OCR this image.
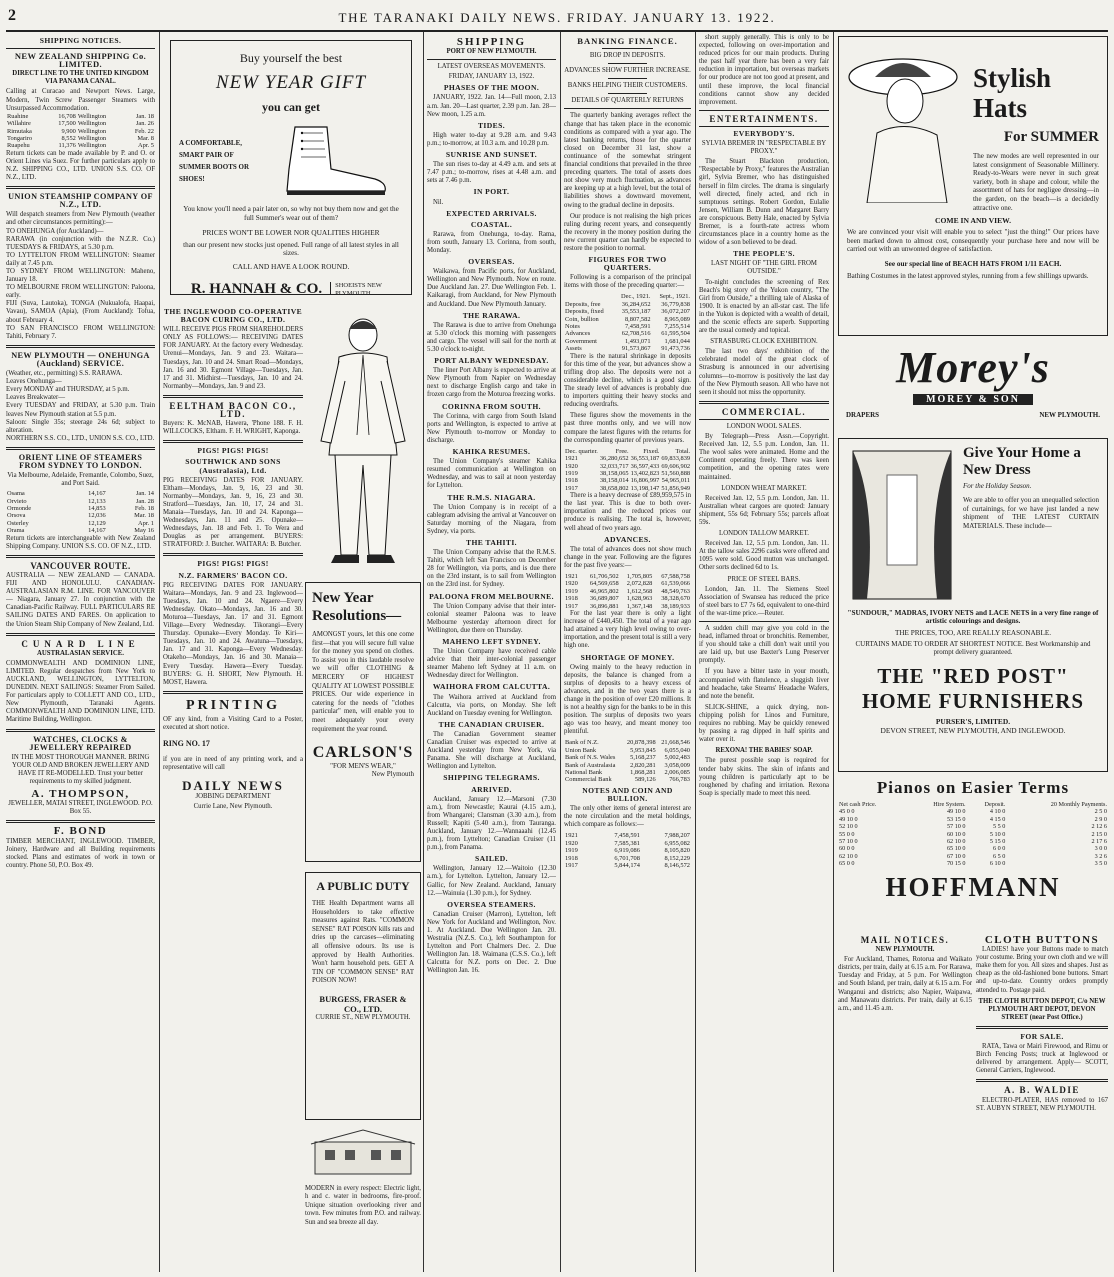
2	THE TARANAKI DAILY NEWS. FRIDAY. JANUARY 13. 1922.
SHIPPING NOTICES.
NEW ZEALAND SHIPPING Co. LIMITED.
DIRECT LINE TO THE UNITED KINGDOM VIA PANAMA CANAL.
Calling at Curacao and Newport News. Large, Modern, Twin Screw Passenger Steamers with Unsurpassed Accommodation.
Ruahine	16,708	Wellington	Jan. 18
Willahire	17,500	Wellington	Jan. 26
Rimutaka	9,900	Wellington	Feb. 22
Tongariro	8,552	Wellington	Mar. 8
Ruapehu	11,376	Wellington	Apr. 5
Return tickets can be made available by P. and O. or Orient Lines via Suez. For further particulars apply to N.Z. SHIPPING CO., LTD. UNION S.S. CO. OF N.Z., LTD.
UNION STEAMSHIP COMPANY OF N.Z., LTD.
Will despatch steamers from New Plymouth (weather and other circumstances permitting):—
TO ONEHUNGA (for Auckland)—
RARAWA (in conjunction with the N.Z.R. Co.) TUESDAYS & FRIDAYS, at 5.30 p.m.
TO LYTTELTON FROM WELLINGTON: Steamer daily at 7.45 p.m.
TO SYDNEY FROM WELLINGTON: Maheno, January 18.
TO MELBOURNE FROM WELLINGTON: Paloona, early.
FIJI (Suva, Lautoka), TONGA (Nukualofa, Haapai, Vavau), SAMOA (Apia), (From Auckland): Tofua, about February 4.
TO SAN FRANCISCO FROM WELLINGTON: Tahiti, February 7.
NEW PLYMOUTH — ONEHUNGA (Auckland) SERVICE.
(Weather, etc., permitting) S.S. RARAWA.
Leaves Onehunga—
Every MONDAY and THURSDAY, at 5 p.m.
Leaves Breakwater—
Every TUESDAY and FRIDAY, at 5.30 p.m. Train leaves New Plymouth station at 5.5 p.m.
Saloon: Single 35s; steerage 24s 6d; subject to alteration.
NORTHERN S.S. CO., LTD., UNION S.S. CO., LTD.
ORIENT LINE OF STEAMERS FROM SYDNEY TO LONDON.
Via Melbourne, Adelaide, Fremantle, Colombo, Suez, and Port Said.
Osama	14,167	Jan. 14
Orvieto	12,133	Jan. 28
Ormonde	14,853	Feb. 18
Orsova	12,036	Mar. 18
Osterley	12,129	Apr. 1
Orama	14,167	May 16
Return tickets are interchangeable with New Zealand Shipping Company. UNION S.S. CO. OF N.Z., LTD.
VANCOUVER ROUTE.
AUSTRALIA — NEW ZEALAND — CANADA. FIJI AND HONOLULU. CANADIAN-AUSTRALASIAN R.M. LINE. FOR VANCOUVER— Niagara, January 27. In conjunction with the Canadian-Pacific Railway. FULL PARTICULARS RE SAILING DATES AND FARES. On application to the Union Steam Ship Company of New Zealand, Ltd.
CUNARD LINE
AUSTRALASIAN SERVICE.
COMMONWEALTH AND DOMINION LINE, LIMITED. Regular despatches from New York to AUCKLAND, WELLINGTON, LYTTELTON, DUNEDIN. NEXT SAILINGS: Steamer From Sailed. For particulars apply to COLLETT AND CO., LTD., New Plymouth, Taranaki Agents. COMMONWEALTH AND DOMINION LINE, LTD. Maritime Building, Wellington.
WATCHES, CLOCKS & JEWELLERY REPAIRED
IN THE MOST THOROUGH MANNER. BRING YOUR OLD AND BROKEN JEWELLERY AND HAVE IT RE-MODELLED. Trust your better requirements to my skilled judgment.
A. THOMPSON,
JEWELLER, MATAI STREET, INGLEWOOD. P.O. Box 55.
F. BOND
TIMBER MERCHANT, INGLEWOOD. TIMBER, Joinery, Hardware and all Building requirements stocked. Plans and estimates of work in town or country. Phone 50, P.O. Box 49.
Buy yourself the best
NEW YEAR GIFT
you can get
A COMFORTABLE, SMART PAIR OF SUMMER BOOTS OR SHOES!
You know you'll need a pair later on, so why not buy them now and get the full Summer's wear out of them?
PRICES WON'T BE LOWER NOR QUALITIES HIGHER
than our present new stocks just opened. Full range of all latest styles in all sizes.
CALL AND HAVE A LOOK ROUND.
R. HANNAH & CO.	SHOEISTS NEW PLYMOUTH
THE INGLEWOOD CO-OPERATIVE BACON CURING CO., LTD.
WILL RECEIVE PIGS FROM SHAREHOLDERS ONLY AS FOLLOWS:— RECEIVING DATES FOR JANUARY. At the factory every Wednesday. Urenui—Mondays, Jan. 9 and 23. Waitara—Tuesdays, Jan. 10 and 24. Smart Road—Mondays, Jan. 16 and 30. Egmont Village—Tuesdays, Jan. 17 and 31. Midhirst—Tuesdays, Jan. 10 and 24. Normanby—Mondays, Jan. 9 and 23.
EELTHAM BACON CO., LTD.
Buyers: K. McNAB, Hawera, 'Phone 188. F. H. WILLCOCKS, Eltham. F. H. WRIGHT, Kaponga.
PIGS! PIGS! PIGS!
SOUTHWICK AND SONS (Australasia), Ltd.
PIG RECEIVING DATES FOR JANUARY. Eltham—Mondays, Jan. 9, 16, 23 and 30. Normanby—Mondays, Jan. 9, 16, 23 and 30. Stratford—Tuesdays, Jan. 10, 17, 24 and 31. Manaia—Tuesdays, Jan. 10 and 24. Kaponga—Wednesdays, Jan. 11 and 25. Opunake—Wednesdays, Jan. 18 and Feb. 1. To Wera and Douglas as per arrangement. BUYERS: STRATFORD: J. Butcher. WAITARA: B. Butcher.
PIGS! PIGS! PIGS!
N.Z. FARMERS' BACON CO.
PIG RECEIVING DATES FOR JANUARY. Waitara—Mondays, Jan. 9 and 23. Inglewood—Tuesdays, Jan. 10 and 24. Ngaere—Every Wednesday. Okato—Mondays, Jan. 16 and 30. Moturoa—Tuesdays, Jan. 17 and 31. Egmont Village—Every Wednesday. Tikorangi—Every Thursday. Opunake—Every Monday. Te Kiri—Tuesdays, Jan. 10 and 24. Awatuna—Tuesdays, Jan. 17 and 31. Kaponga—Every Wednesday. Otakeho—Mondays, Jan. 16 and 30. Manaia—Every Tuesday. Hawera—Every Tuesday. BUYERS: G. H. SHORT, New Plymouth. H. MOST, Hawera.
PRINTING
OF any kind, from a Visiting Card to a Poster, executed at short notice.
RING NO. 17
if you are in need of any printing work, and a representative will call
DAILY NEWS
JOBBING DEPARTMENT
Currie Lane, New Plymouth.
New Year Resolutions—
AMONGST yours, let this one come first—that you will secure full value for the money you spend on clothes. To assist you in this laudable resolve we will offer CLOTHING & MERCERY OF HIGHEST QUALITY AT LOWEST POSSIBLE PRICES. Our wide experience in catering for the needs of "clothes particular" men, will enable you to meet adequately your every requirement the year round.
CARLSON'S
"FOR MEN'S WEAR,"
New Plymouth
A PUBLIC DUTY
THE Health Department warns all Householders to take effective measures against Rats. "COMMON SENSE" RAT POISON kills rats and dries up the carcases—eliminating all offensive odours. Its use is approved by Health Authorities. Won't harm household pets. GET A TIN OF "COMMON SENSE" RAT POISON NOW!
BURGESS, FRASER & CO., LTD.
CURRIE ST., NEW PLYMOUTH.
MODERN in every respect: Electric light, h and c. water in bedrooms, fire-proof. Unique situation overlooking river and town. Few minutes from P.O. and railway. Sun and sea breeze all day.
SHIPPING
PORT OF NEW PLYMOUTH.
LATEST OVERSEAS MOVEMENTS.
FRIDAY, JANUARY 13, 1922.
PHASES OF THE MOON.

JANUARY, 1922. Jan. 14—Full moon, 2.13 a.m. Jan. 20—Last quarter, 2.39 p.m. Jan. 28—New moon, 1.25 a.m.

TIDES.

High water to-day at 9.28 a.m. and 9.43 p.m.; to-morrow, at 10.3 a.m. and 10.28 p.m.

SUNRISE AND SUNSET.

The sun rises to-day at 4.49 a.m. and sets at 7.47 p.m.; to-morrow, rises at 4.48 a.m. and sets at 7.46 p.m.

IN PORT.

Nil.

EXPECTED ARRIVALS.
COASTAL.

Rarawa, from Onehunga, to-day. Rama, from south, January 13. Corinna, from south, Monday.

OVERSEAS.

Waikawa, from Pacific ports, for Auckland, Wellington and New Plymouth. Now en route. Due Auckland Jan. 27. Due Wellington Feb. 1. Kaikaragi, from Auckland, for New Plymouth and Auckland. Due New Plymouth January.

THE RARAWA.

The Rarawa is due to arrive from Onehunga at 5.30 o'clock this morning with passengers and cargo. The vessel will sail for the north at 5.30 o'clock to-night.

PORT ALBANY WEDNESDAY.

The liner Port Albany is expected to arrive at New Plymouth from Napier on Wednesday next to discharge English cargo and take in frozen cargo from the Moturoa freezing works.

CORINNA FROM SOUTH.

The Corinna, with cargo from South Island ports and Wellington, is expected to arrive at New Plymouth to-morrow or Monday to discharge.

KAHIKA RESUMES.

The Union Company's steamer Kahika resumed communication at Wellington on Wednesday, and was to sail at noon yesterday for Lyttelton.

THE R.M.S. NIAGARA.

The Union Company is in receipt of a cablegram advising the arrival at Vancouver on Saturday morning of the Niagara, from Sydney, via ports.

THE TAHITI.

The Union Company advise that the R.M.S. Tahiti, which left San Francisco on December 28 for Wellington, via ports, and is due there on the 23rd instant, is to sail from Wellington on the 23rd inst. for Sydney.

PALOONA FROM MELBOURNE.

The Union Company advise that their inter-colonial steamer Paloona was to leave Melbourne yesterday afternoon direct for Wellington, due there on Thursday.

MAHENO LEFT SYDNEY.

The Union Company have received cable advice that their inter-colonial passenger steamer Maheno left Sydney at 11 a.m. on Wednesday direct for Wellington.

WAIHORA FROM CALCUTTA.

The Waihora arrived at Auckland from Calcutta, via ports, on Monday. She left Auckland on Tuesday evening for Wellington.

THE CANADIAN CRUISER.

The Canadian Government steamer Canadian Cruiser was expected to arrive at Auckland yesterday from New York, via Panama. She will discharge at Auckland, Wellington and Lyttelton.

SHIPPING TELEGRAMS.
ARRIVED.

Auckland, January 12.—Marsoni (7.30 a.m.), from Newcastle; Kaurai (4.15 a.m.), from Whangarei; Clansman (3.30 a.m.), from Russell; Kapiti (5.40 a.m.), from Tauranga. Auckland, January 12.—Wannaaahi (12.45 p.m.), from Lyttelton; Canadian Cruiser (11 p.m.), from Panama.

SAILED.

Wellington, January 12.—Waitoio (12.30 a.m.), for Lyttelton. Lyttelton, January 12.—Gallic, for New Zealand. Auckland, January 12.—Wainuia (1.30 p.m.), for Sydney.

OVERSEA STEAMERS.

Canadian Cruiser (Marron), Lyttelton, left New York for Auckland and Wellington, Nov. 1. At Auckland. Due Wellington Jan. 20. Westralia (N.Z.S. Co.), left Southampton for Lyttelton and Port Chalmers Dec. 2. Due Wellington Jan. 18. Waimana (C.S.S. Co.), left Calcutta for N.Z. ports on Dec. 2. Due Wellington Jan. 16.

BANKING FINANCE.
BIG DROP IN DEPOSITS.
ADVANCES SHOW FURTHER INCREASE.
BANKS HELPING THEIR CUSTOMERS.
DETAILS OF QUARTERLY RETURNS

The quarterly banking averages reflect the change that has taken place in the economic conditions as compared with a year ago. The latest banking returns, those for the quarter closed on December 31 last, show a continuance of the somewhat stringent financial conditions that prevailed in the three preceding quarters. The total of assets does not show very much fluctuation, as advances are keeping up at a high level, but the total of liabilities shows a downward movement, owing to the gradual decline in deposits.

Our produce is not realising the high prices ruling during recent years, and consequently the recovery in the money position during the new current quarter can hardly be expected to restore the position to normal.

FIGURES FOR TWO QUARTERS.

Following is a comparison of the principal items with those of the preceding quarter:—

	Dec., 1921.	Sept., 1921.
Deposits, free	36,284,652	36,779,838
Deposits, fixed	35,553,187	36,072,207
Coin, bullion	8,807,582	8,965,089
Notes	7,458,591	7,255,514
Advances	62,708,516	61,595,504
Government	1,493,071	1,681,044
Assets	91,573,867	91,473,736

There is the natural shrinkage in deposits for this time of the year, but advances show a trifling drop also. The deposits were not a considerable decline, which is a good sign. The steady level of advances is probably due to importers quitting their heavy stocks and reducing overdrafts.

These figures show the movements in the past three months only, and we will now compare the latest figures with the returns for the corresponding quarter of previous years.

Dec. quarter.	Free.	Fixed.	Total.
1921	36,280,652	36,553,187	69,833,839
1920	32,033,717	36,597,433	69,606,902
1919	38,158,065	13,402,823	51,560,888
1918	38,158,014	16,806,997	54,965,011
1917	38,658,802	13,198,147	51,856,949

There is a heavy decrease of £89,959,575 in the last year. This is due to both over-importation and the reduced prices our produce is realising. The total is, however, well ahead of two years ago.

ADVANCES.

The total of advances does not show much change in the year. Following are the figures for the past five years:—

1921	61,706,502	1,705,805	67,588,758
1920	64,569,658	2,072,828	61,539,066
1919	46,965,802	1,612,568	48,549,763
1918	36,689,807	1,628,963	38,328,670
1917	36,896,881	1,367,148	38,189,933

For the last year there is only a light increase of £440,450. The total of a year ago had attained a very high level owing to over-importation, and the present total is still a very high one.

SHORTAGE OF MONEY.

Owing mainly to the heavy reduction in deposits, the balance is changed from a surplus of deposits to a heavy excess of advances, and in the two years there is a change in the position of over £20 millions. It is not a healthy sign for the banks to be in this position. The surplus of deposits two years ago was too heavy, and meant money too plentiful.

Bank of N.Z.	20,878,398	21,668,546
Union Bank	5,953,845	6,055,040
Bank of N.S. Wales	5,168,237	5,002,483
Bank of Australasia	2,820,281	3,058,009
National Bank	1,868,281	2,006,085
Commercial Bank	589,126	766,783
NOTES AND COIN AND BULLION.

The only other items of general interest are the note circulation and the metal holdings, which compare as follows:—

1921	7,458,591	7,988,207
1920	7,585,381	6,955,082
1919	6,919,086	8,105,820
1918	6,701,708	8,152,229
1917	5,844,174	8,146,572

short supply generally. This is only to be expected, following on over-importation and reduced prices for our main products. During the past half year there has been a very fair reduction in importation, but overseas markets for our produce are not too good at present, and until these improve, the local financial conditions cannot show any decided improvement.

ENTERTAINMENTS.
EVERYBODY'S.
SYLVIA BREMER IN "RESPECTABLE BY PROXY."

The Stuart Blackton production, "Respectable by Proxy," features the Australian girl, Sylvia Bremer, who has distinguished herself in film circles. The drama is singularly well directed, finely acted, and rich in sumptuous settings. Robert Gordon, Eulalie Jensen, William B. Dunn and Margaret Barry are conspicuous. Betty Hale, enacted by Sylvia Bremer, is a fourth-rate actress whom circumstances place in a country home as the widow of a son believed to be dead.

THE PEOPLE'S.
LAST NIGHT OF "THE GIRL FROM OUTSIDE."

To-night concludes the screening of Rex Beach's big story of the Yukon country, "The Girl from Outside," a thrilling tale of Alaska of 1900. It is enacted by an all-star cast. The life in the Yukon is depicted with a wealth of detail, and the scenic effects are superb. Supporting are the usual comedy and topical.

STRASBURG CLOCK EXHIBITION.

The last two days' exhibition of the celebrated model of the great clock of Strasburg is announced in our advertising columns—to-morrow is positively the last day of the New Plymouth season. All who have not seen it should not miss the opportunity.

COMMERCIAL.
LONDON WOOL SALES.

By Telegraph—Press Assn.—Copyright. Received Jan. 12, 5.5 p.m. London, Jan. 11. The wool sales were animated. Home and the Continent operating freely. There was keen competition, and the opening rates were maintained.

LONDON WHEAT MARKET.

Received Jan. 12, 5.5 p.m. London, Jan. 11. Australian wheat cargoes are quoted: January shipment, 55s 6d; February 55s; parcels afloat 59s.

LONDON TALLOW MARKET.

Received Jan. 12, 5.5 p.m. London, Jan. 11. At the tallow sales 2296 casks were offered and 1095 were sold. Good mutton was unchanged. Other sorts declined 6d to 1s.

PRICE OF STEEL BARS.

London, Jan. 11. The Siemens Steel Association of Swansea has reduced the price of steel bars to £7 7s 6d, equivalent to one-third of the war-time price.—Reuter.

A sudden chill may give you cold in the head, inflamed throat or bronchitis. Remember, if you should take a chill don't wait until you are laid up, but use Baxter's Lung Preserver promptly.

If you have a bitter taste in your mouth, accompanied with flatulence, a sluggish liver and headache, take Stearns' Headache Wafers, and note the benefit.

SLICK-SHINE, a quick drying, non-chipping polish for Linos and Furniture, requires no rubbing. May be quickly renewed by passing a rag dipped in half spirits and water over it.

REXONA! THE BABIES' SOAP.

The purest possible soap is required for tender baby skins. The skin of infants and young children is particularly apt to be roughened by chafing and irritation. Rexona Soap is specially made to meet this need.

Stylish Hats
For SUMMER
The new modes are well represented in our latest consignment of Seasonable Millinery. Ready-to-Wears were never in such great variety, both in shape and colour, while the assortment of hats for negligee dressing—in the garden, on the beach—is a decidedly attractive one.
COME IN AND VIEW.
We are convinced your visit will enable you to select "just the thing!" Our prices have been marked down to almost cost, consequently your purchase here and now will be carried out with an unwonted degree of satisfaction.
See our special line of BEACH HATS FROM 1/11 EACH.
Bathing Costumes in the latest approved styles, running from a few shillings upwards.
Morey's
MOREY & SON
DRAPERS	NEW PLYMOUTH.
Give Your Home a New Dress
For the Holiday Season.
We are able to offer you an unequalled selection of curtainings, for we have just landed a new shipment of THE LATEST CURTAIN MATERIALS. These include—
"SUNDOUR," MADRAS, IVORY NETS and LACE NETS in a very fine range of artistic colourings and designs.
THE PRICES, TOO, ARE REALLY REASONABLE.
CURTAINS MADE TO ORDER AT SHORTEST NOTICE. Best Workmanship and prompt delivery guaranteed.
THE "RED POST"
HOME FURNISHERS
PURSER'S, LIMITED.
DEVON STREET, NEW PLYMOUTH, AND INGLEWOOD.
Pianos on Easier Terms
Net cash Price.	Hire System.	Deposit.	20 Monthly Payments.
45 0 0	49 10 0	4 10 0	2 5 0
49 10 0	53 15 0	4 15 0	2 9 0
52 10 0	57 10 0	5 5 0	2 12 6
55 0 0	60 10 0	5 10 0	2 15 0
57 10 0	62 10 0	5 15 0	2 17 6
60 0 0	65 10 0	6 0 0	3 0 0
62 10 0	67 10 0	6 5 0	3 2 6
65 0 0	70 15 0	6 10 0	3 5 0
HOFFMANN
MAIL NOTICES.
NEW PLYMOUTH.

For Auckland, Thames, Rotorua and Waikato districts, per train, daily at 6.15 a.m. For Rarawa, Tuesday and Friday, at 5 p.m. For Wellington and South Island, per train, daily at 6.15 a.m. For Wanganui and districts; also Napier, Waipawa, and Manawatu districts. Per train, daily at 6.15 a.m., and 11.45 a.m.

CLOTH BUTTONS

LADIES! have your Buttons made to match your costume. Bring your own cloth and we will make them for you. All sizes and shapes. Just as cheap as the old-fashioned bone buttons. Smart and up-to-date. Country orders promptly attended to. Postage paid.

THE CLOTH BUTTON DEPOT, C/o NEW PLYMOUTH ART DEPOT, DEVON STREET (near Post Office.)
FOR SALE.

RATA, Tawa or Mairi Firewood, and Rimu or Birch Fencing Posts; truck at Inglewood or delivered by arrangement. Apply— SCOTT, General Carriers, Inglewood.

A. B. WALDIE

ELECTRO-PLATER, HAS removed to 167 ST. AUBYN STREET, NEW PLYMOUTH.
